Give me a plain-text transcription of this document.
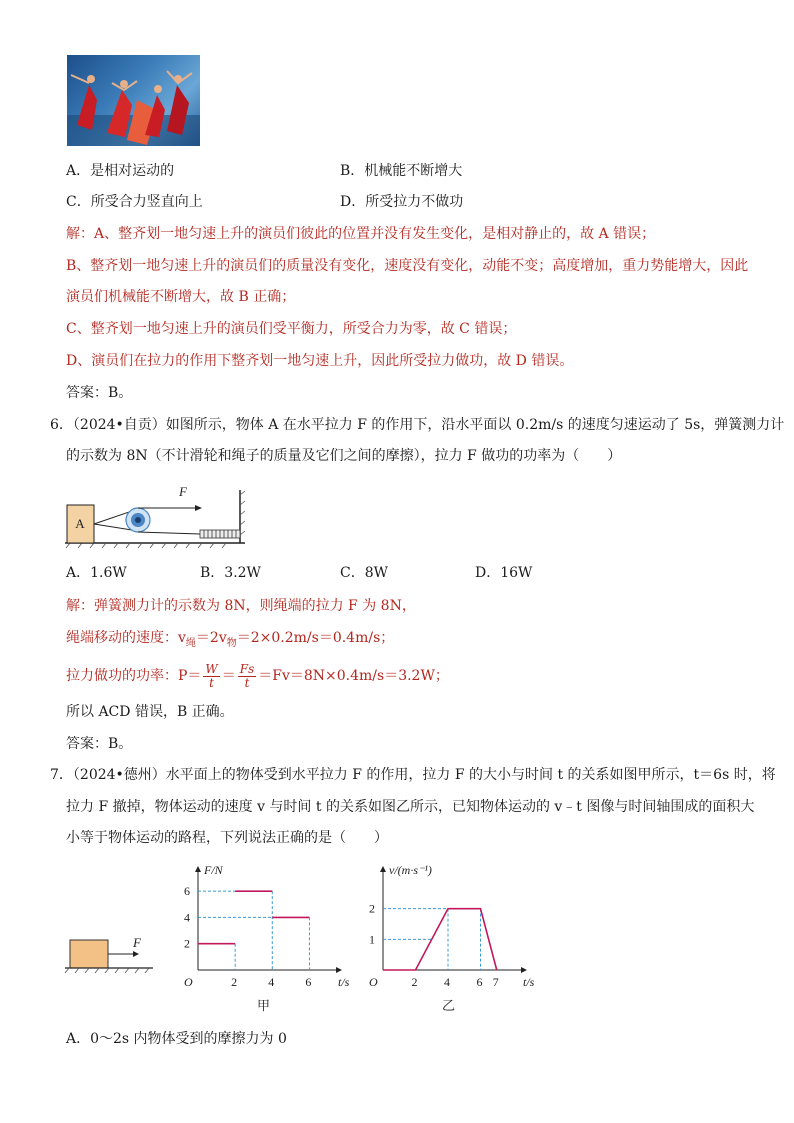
A．是相对运动的	B．机械能不断增大
C．所受合力竖直向上	D．所受拉力不做功
解：A、整齐划一地匀速上升的演员们彼此的位置并没有发生变化，是相对静止的，故 A 错误；
B、整齐划一地匀速上升的演员们的质量没有变化，速度没有变化，动能不变；高度增加，重力势能增大，因此
演员们机械能不断增大，故 B 正确；
C、整齐划一地匀速上升的演员们受平衡力，所受合力为零，故 C 错误；
D、演员们在拉力的作用下整齐划一地匀速上升，因此所受拉力做功，故 D 错误。
答案：B。
6．（2024•自贡）如图所示，物体 A 在水平拉力 F 的作用下，沿水平面以 0.2m/s 的速度匀速运动了 5s，弹簧测力计
的示数为 8N（不计滑轮和绳子的质量及它们之间的摩擦），拉力 F 做功的功率为（　　）
A
F
A．1.6W	B．3.2W	C．8W	D．16W
解：弹簧测力计的示数为 8N，则绳端的拉力 F 为 8N，
绳端移动的速度：$v_绳=2v_物=2\times 0.2m/s=0.4m/s$；
拉力做功的功率：$P= \frac{W}{t} = \frac{Fs}{t} =Fv=8N\times 0.4m/s=3.2W$；
所以 ACD 错误，B 正确。
答案：B。
7．（2024•德州）水平面上的物体受到水平拉力 F 的作用，拉力 F 的大小与时间 t 的关系如图甲所示，t＝6s 时，将
拉力 F 撤掉，物体运动的速度 v 与时间 t 的关系如图乙所示，已知物体运动的 v﹣t 图像与时间轴围成的面积大
小等于物体运动的路程，下列说法正确的是（　　）
F
F/N
t/s
O	2	4	6
2
4
6
甲
v/(m·s⁻¹)
t/s
O	2 4 6 7
1
2
乙
A．0～2s 内物体受到的摩擦力为 0
